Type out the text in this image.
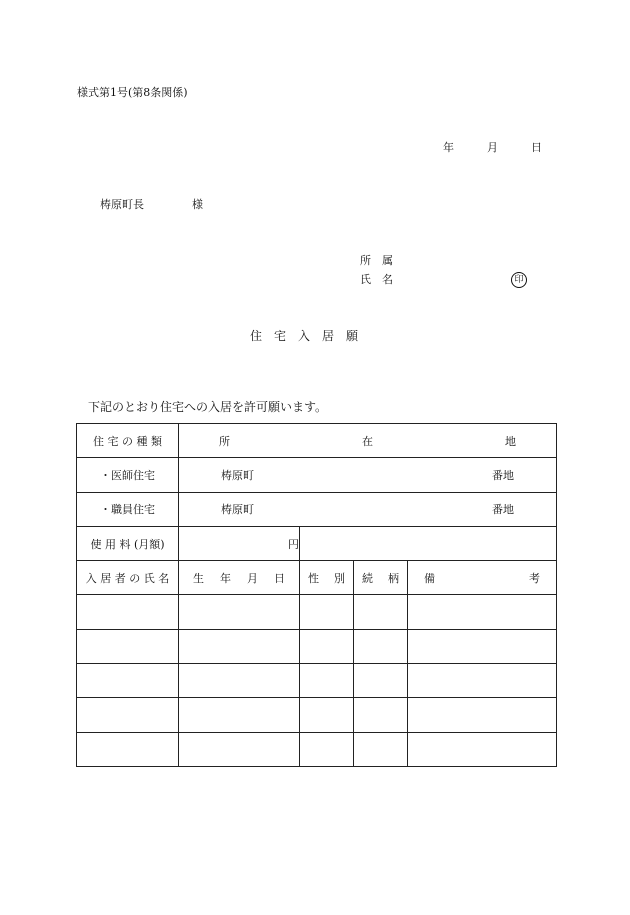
様式第1号(第8条関係)
年	月	日
梼原町長	様
所　属
氏　名	印
住　宅　入　居　願
下記のとおり住宅への入居を許可願います。
住 宅 の 種 類	所 在 地			

・医師住宅	梼原町 番地			

・職員住宅	梼原町 番地			

使 用 料 (月額)	円			
入 居 者 の 氏 名	生 年 月 日	性 別	続 柄	備 考
